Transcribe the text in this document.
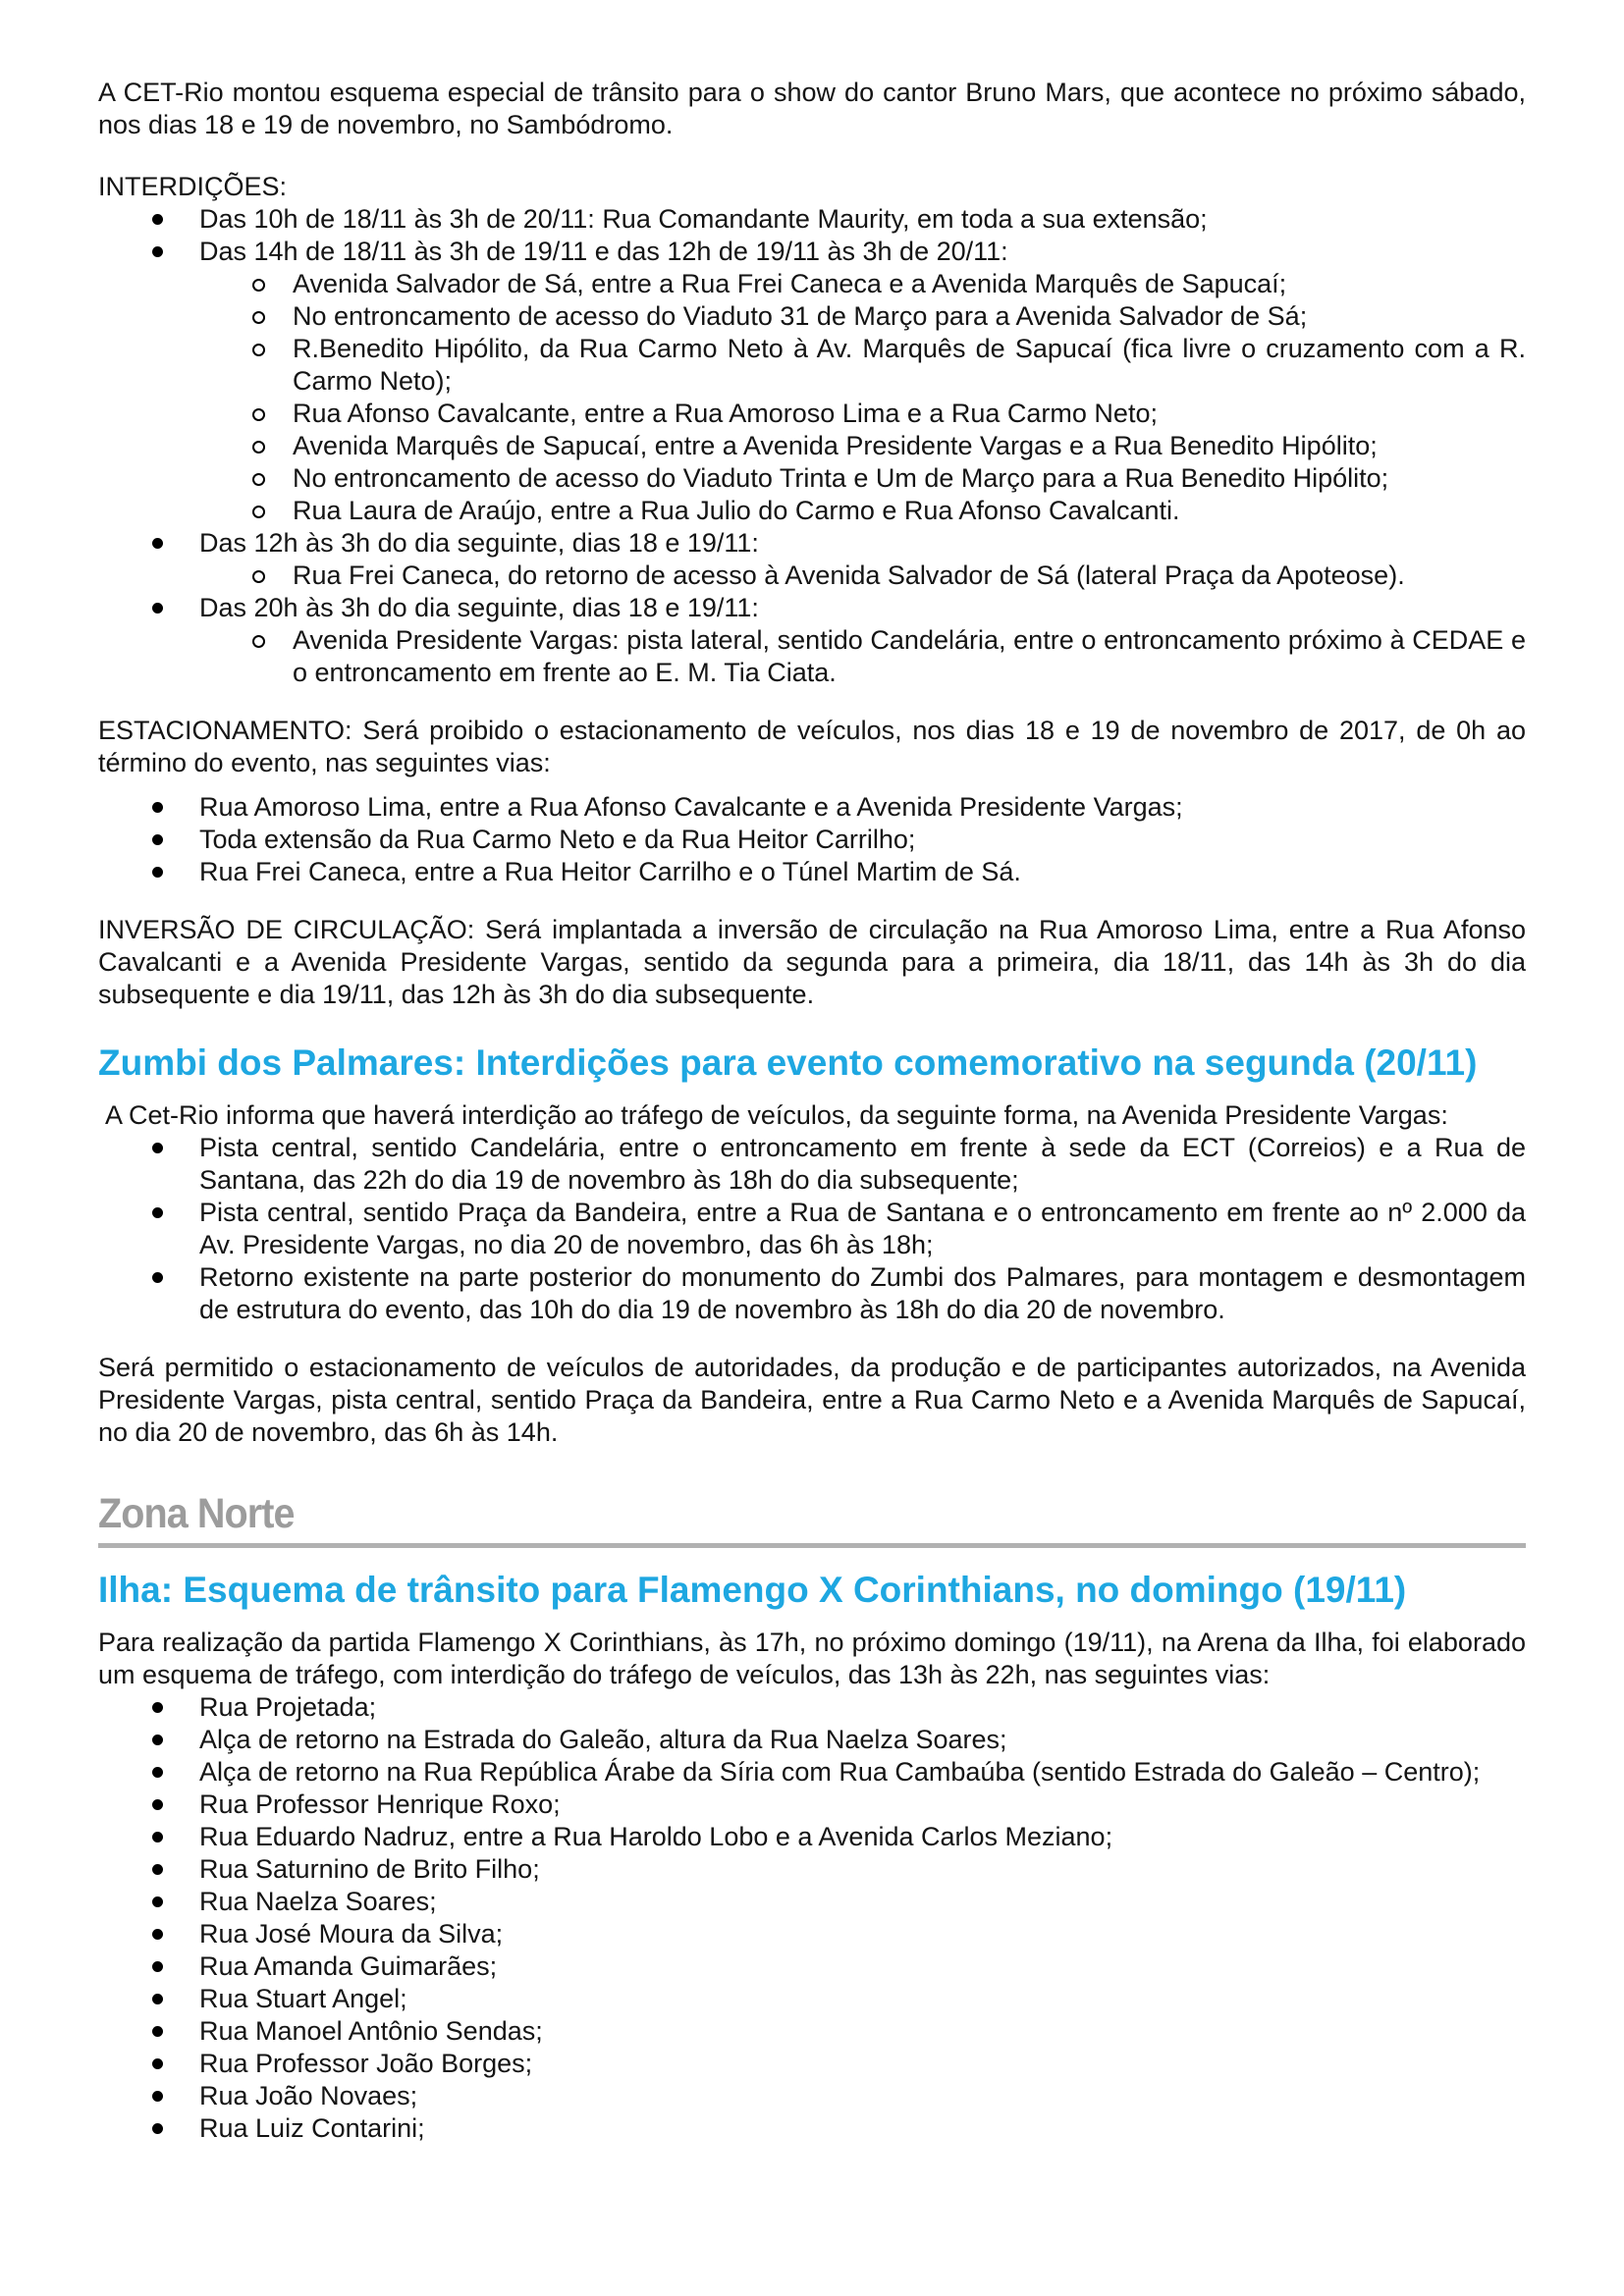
A CET-Rio montou esquema especial de trânsito para o show do cantor Bruno Mars, que acontece no próximo sábado, nos dias 18 e 19 de novembro, no Sambódromo.

INTERDIÇÕES:

Das 10h de 18/11 às 3h de 20/11: Rua Comandante Maurity, em toda a sua extensão;
Das 14h de 18/11 às 3h de 19/11 e das 12h de 19/11 às 3h de 20/11:
Avenida Salvador de Sá, entre a Rua Frei Caneca e a Avenida Marquês de Sapucaí;
No entroncamento de acesso do Viaduto 31 de Março para a Avenida Salvador de Sá;
R.Benedito Hipólito, da Rua Carmo Neto à Av. Marquês de Sapucaí (fica livre o cruzamento com a R. Carmo Neto);
Rua Afonso Cavalcante, entre a Rua Amoroso Lima e a Rua Carmo Neto;
Avenida Marquês de Sapucaí, entre a Avenida Presidente Vargas e a Rua Benedito Hipólito;
No entroncamento de acesso do Viaduto Trinta e Um de Março para a Rua Benedito Hipólito;
Rua Laura de Araújo, entre a Rua Julio do Carmo e Rua Afonso Cavalcanti.
Das 12h às 3h do dia seguinte, dias 18 e 19/11:
Rua Frei Caneca, do retorno de acesso à Avenida Salvador de Sá (lateral Praça da Apoteose).
Das 20h às 3h do dia seguinte, dias 18 e 19/11:
Avenida Presidente Vargas: pista lateral, sentido Candelária, entre o entroncamento próximo à CEDAE e o entroncamento em frente ao E. M. Tia Ciata.

ESTACIONAMENTO: Será proibido o estacionamento de veículos, nos dias 18 e 19 de novembro de 2017, de 0h ao término do evento, nas seguintes vias:

Rua Amoroso Lima, entre a Rua Afonso Cavalcante e a Avenida Presidente Vargas;
Toda extensão da Rua Carmo Neto e da Rua Heitor Carrilho;
Rua Frei Caneca, entre a Rua Heitor Carrilho e o Túnel Martim de Sá.

INVERSÃO DE CIRCULAÇÃO: Será implantada a inversão de circulação na Rua Amoroso Lima, entre a Rua Afonso Cavalcanti e a Avenida Presidente Vargas, sentido da segunda para a primeira, dia 18/11, das 14h às 3h do dia subsequente e dia 19/11, das 12h às 3h do dia subsequente.

Zumbi dos Palmares: Interdições para evento comemorativo na segunda (20/11)

A Cet-Rio informa que haverá interdição ao tráfego de veículos, da seguinte forma, na Avenida Presidente Vargas:

Pista central, sentido Candelária, entre o entroncamento em frente à sede da ECT (Correios) e a Rua de Santana, das 22h do dia 19 de novembro às 18h do dia subsequente;
Pista central, sentido Praça da Bandeira, entre a Rua de Santana e o entroncamento em frente ao nº 2.000 da Av. Presidente Vargas, no dia 20 de novembro, das 6h às 18h;
Retorno existente na parte posterior do monumento do Zumbi dos Palmares, para montagem e desmontagem de estrutura do evento, das 10h do dia 19 de novembro às 18h do dia 20 de novembro.

Será permitido o estacionamento de veículos de autoridades, da produção e de participantes autorizados, na Avenida Presidente Vargas, pista central, sentido Praça da Bandeira, entre a Rua Carmo Neto e a Avenida Marquês de Sapucaí, no dia 20 de novembro, das 6h às 14h.

Zona Norte
Ilha: Esquema de trânsito para Flamengo X Corinthians, no domingo (19/11)

Para realização da partida Flamengo X Corinthians, às 17h, no próximo domingo (19/11), na Arena da Ilha, foi elaborado um esquema de tráfego, com interdição do tráfego de veículos, das 13h às 22h, nas seguintes vias:

Rua Projetada;
Alça de retorno na Estrada do Galeão, altura da Rua Naelza Soares;
Alça de retorno na Rua República Árabe da Síria com Rua Cambaúba (sentido Estrada do Galeão – Centro);
Rua Professor Henrique Roxo;
Rua Eduardo Nadruz, entre a Rua Haroldo Lobo e a Avenida Carlos Meziano;
Rua Saturnino de Brito Filho;
Rua Naelza Soares;
Rua José Moura da Silva;
Rua Amanda Guimarães;
Rua Stuart Angel;
Rua Manoel Antônio Sendas;
Rua Professor João Borges;
Rua João Novaes;
Rua Luiz Contarini;
